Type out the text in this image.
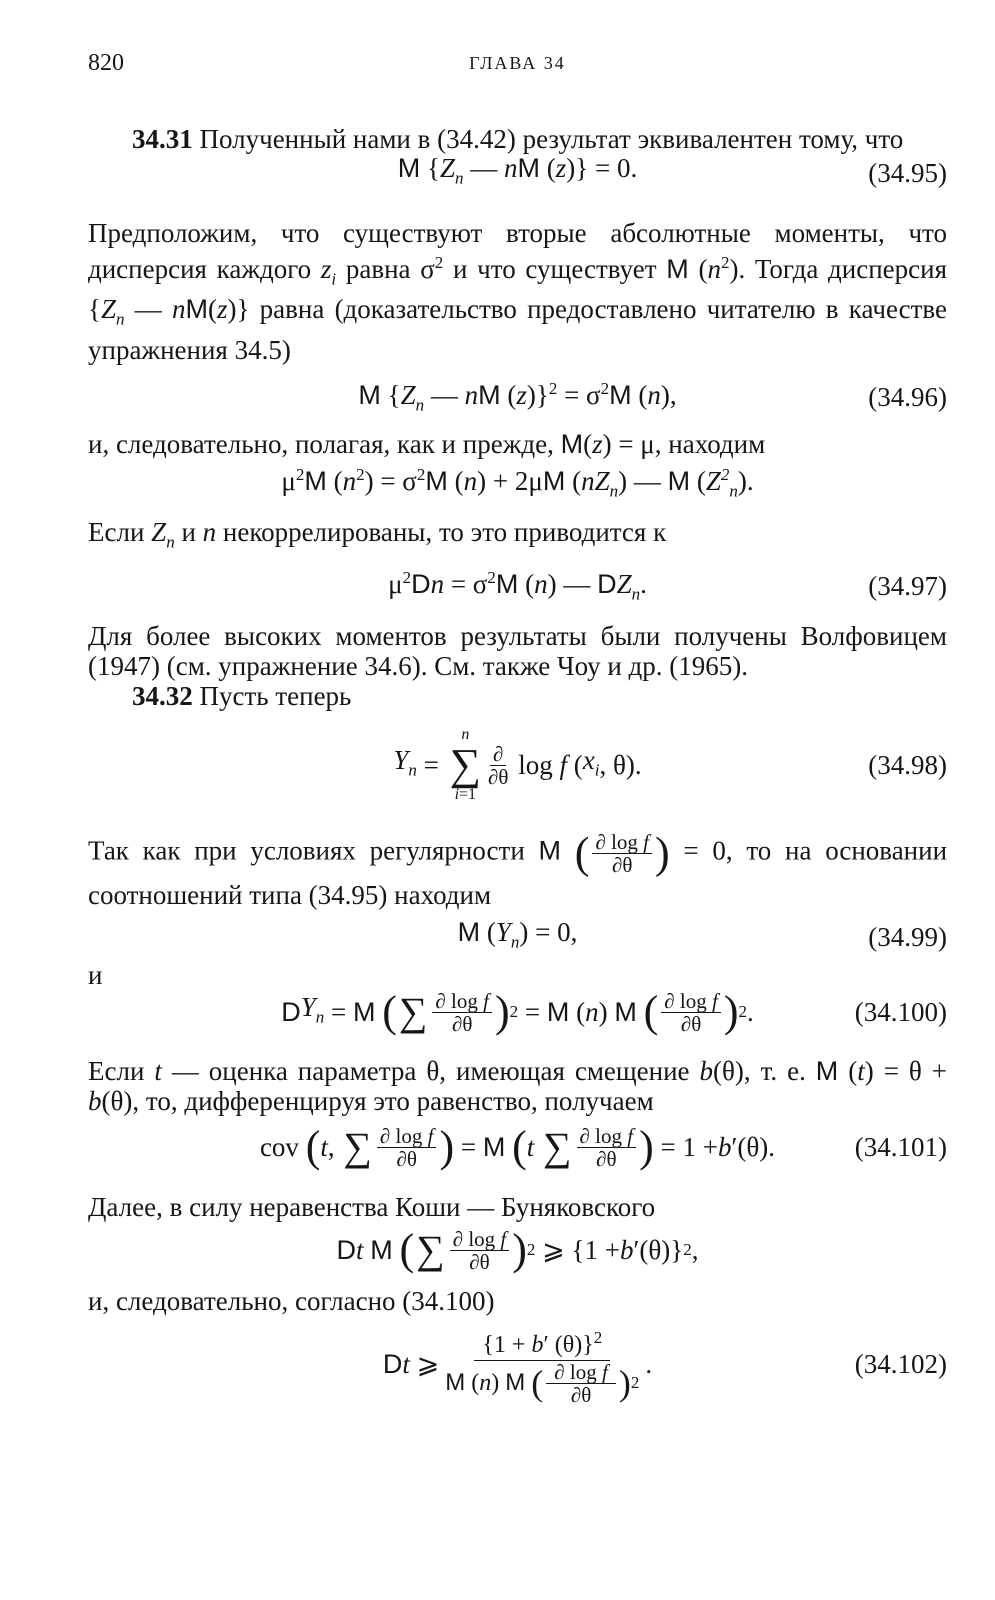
820	ГЛАВА 34

34.31 Полученный нами в (34.42) результат эквивалентен тому, что

M {$Z_n$ — nM (z)} = 0.	(34.95)

Предположим, что существуют вторые абсолютные моменты, что дисперсия каждого $z_i$ равна $\sigma^2$ и что существует M $(n^2)$. Тогда дисперсия {$Z_n$ — nM(z)} равна (доказательство предоставлено читателю в качестве упражнения 34.5)

M {$Z_n$ — nM $(z)\}^2 = \sigma^2M$ (n),	(34.96)

и, следовательно, полагая, как и прежде, M(z) = μ, находим

$\mu^2M$ $(n^2) = \sigma^2M$ (n) + 2μM $(nZ_n)$ — M $(Z^2_n)$.

Если $Z_n$ и n некоррелированы, то это приводится к

$\mu^2Dn = \sigma^2M$ (n) — $DZ_n$.	(34.97)

Для более высоких моментов результаты были получены Волфовицем (1947) (см. упражнение 34.6). См. также Чоу и др. (1965).

34.32 Пусть теперь

$Y_n$ =
n
∑
i=1
$\frac{\partial}{\partial\theta}$ log f ( $x_i$ , θ).	(34.98)

Так как при условиях регулярности M ( $\frac{\text{∂ log f}}{\partial\theta}$ ) = 0, то на основании соотношений типа (34.95) находим

M $(Y_n) = 0$,	(34.99)

и

D $Y_n = M$
( ∑ $\frac{\text{∂ log f}}{\partial\theta}$ ) 2 = M ( n ) M
( $\frac{\text{∂ log f}}{\partial\theta}$ ) 2 .	(34.100)

Если t — оценка параметра θ, имеющая смещение b(θ), т. е. M (t) = θ + b(θ), то, дифференцируя это равенство, получаем

cov ( t , ∑ $\frac{\text{∂ log f}}{\partial\theta}$ ) = M
( t
∑ $\frac{\text{∂ log f}}{\partial\theta}$ ) = 1 + b ′(θ).	(34.101)

Далее, в силу неравенства Коши — Буняковского

D t
M
( ∑ $\frac{\text{∂ log f}}{\partial\theta}$ ) 2 ⩾ {1 + b ′(θ)} 2 ,

и, следовательно, согласно (34.100)

D t ⩾
{1 + b′ (θ)}$^2$
M ( n ) M
( $\frac{\text{∂ log f}}{\partial\theta}$ ) 2
.	(34.102)
